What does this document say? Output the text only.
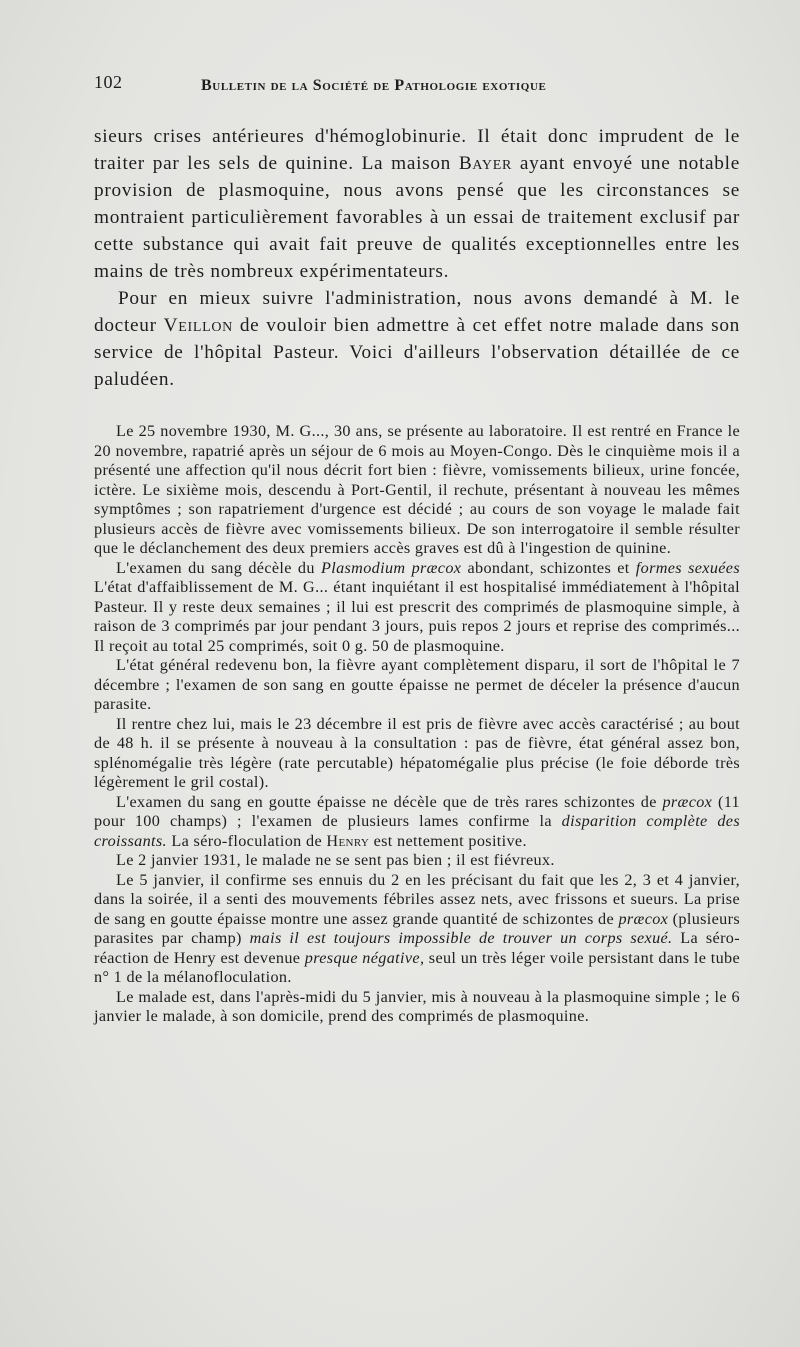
102	Bulletin de la Société de Pathologie exotique

sieurs crises antérieures d'hémoglobinurie. Il était donc imprudent de le traiter par les sels de quinine. La maison Bayer ayant envoyé une notable provision de plasmoquine, nous avons pensé que les circonstances se montraient particulièrement favorables à un essai de traitement exclusif par cette substance qui avait fait preuve de qualités exceptionnelles entre les mains de très nombreux expérimentateurs.

Pour en mieux suivre l'administration, nous avons demandé à M. le docteur Veillon de vouloir bien admettre à cet effet notre malade dans son service de l'hôpital Pasteur. Voici d'ailleurs l'observation détaillée de ce paludéen.

Le 25 novembre 1930, M. G..., 30 ans, se présente au laboratoire. Il est rentré en France le 20 novembre, rapatrié après un séjour de 6 mois au Moyen-Congo. Dès le cinquième mois il a présenté une affection qu'il nous décrit fort bien : fièvre, vomissements bilieux, urine foncée, ictère. Le sixième mois, descendu à Port-Gentil, il rechute, présentant à nouveau les mêmes symptômes ; son rapatriement d'urgence est décidé ; au cours de son voyage le malade fait plusieurs accès de fièvre avec vomissements bilieux. De son interrogatoire il semble résulter que le déclanchement des deux premiers accès graves est dû à l'ingestion de quinine.

L'examen du sang décèle du Plasmodium præcox abondant, schizontes et formes sexuées L'état d'affaiblissement de M. G... étant inquiétant il est hospitalisé immédiatement à l'hôpital Pasteur. Il y reste deux semaines ; il lui est prescrit des comprimés de plasmoquine simple, à raison de 3 comprimés par jour pendant 3 jours, puis repos 2 jours et reprise des comprimés... Il reçoit au total 25 comprimés, soit 0 g. 50 de plasmoquine.

L'état général redevenu bon, la fièvre ayant complètement disparu, il sort de l'hôpital le 7 décembre ; l'examen de son sang en goutte épaisse ne permet de déceler la présence d'aucun parasite.

Il rentre chez lui, mais le 23 décembre il est pris de fièvre avec accès caractérisé ; au bout de 48 h. il se présente à nouveau à la consultation : pas de fièvre, état général assez bon, splénomégalie très légère (rate percutable) hépatomégalie plus précise (le foie déborde très légèrement le gril costal).

L'examen du sang en goutte épaisse ne décèle que de très rares schizontes de præcox (11 pour 100 champs) ; l'examen de plusieurs lames confirme la disparition complète des croissants. La séro-floculation de Henry est nettement positive.

Le 2 janvier 1931, le malade ne se sent pas bien ; il est fiévreux.

Le 5 janvier, il confirme ses ennuis du 2 en les précisant du fait que les 2, 3 et 4 janvier, dans la soirée, il a senti des mouvements fébriles assez nets, avec frissons et sueurs. La prise de sang en goutte épaisse montre une assez grande quantité de schizontes de præcox (plusieurs parasites par champ) mais il est toujours impossible de trouver un corps sexué. La séro-réaction de Henry est devenue presque négative, seul un très léger voile persistant dans le tube n° 1 de la mélanofloculation.

Le malade est, dans l'après-midi du 5 janvier, mis à nouveau à la plasmoquine simple ; le 6 janvier le malade, à son domicile, prend des comprimés de plasmoquine.
